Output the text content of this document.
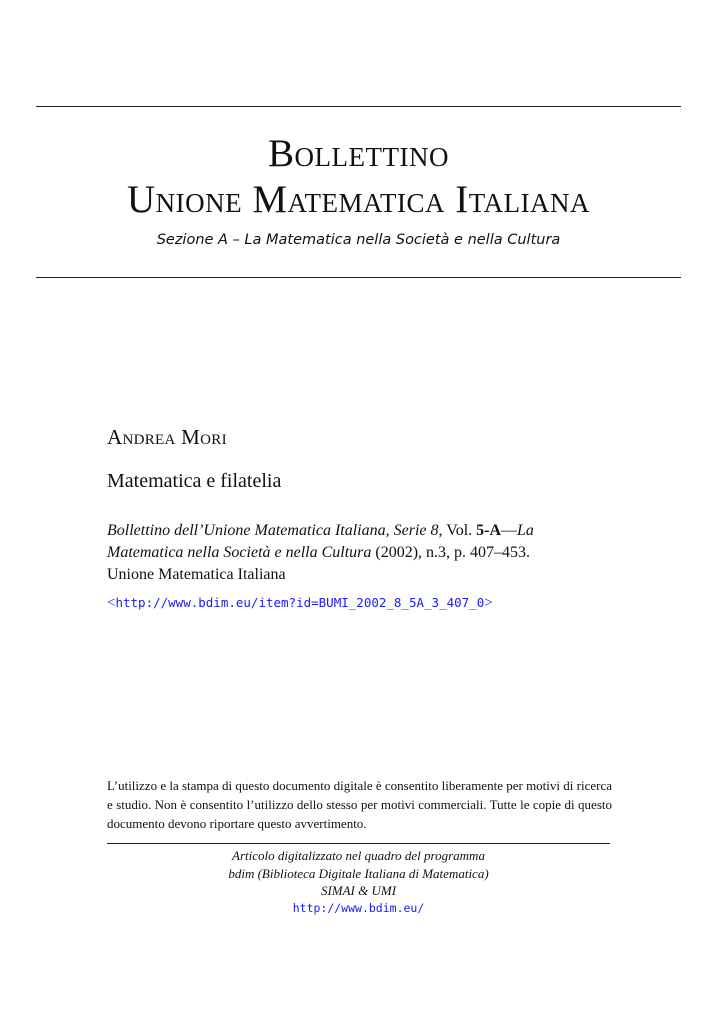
Bollettino
Unione Matematica Italiana
Sezione A – La Matematica nella Società e nella Cultura
Andrea Mori
Matematica e filatelia
Bollettino dell’Unione Matematica Italiana, Serie 8, Vol. 5-A—La Matematica nella Società e nella Cultura (2002), n.3, p. 407–453.
Unione Matematica Italiana
<http://www.bdim.eu/item?id=BUMI_2002_8_5A_3_407_0>
L’utilizzo e la stampa di questo documento digitale è consentito liberamente per motivi di ricerca e studio. Non è consentito l’utilizzo dello stesso per motivi commerciali. Tutte le copie di questo documento devono riportare questo avvertimento.
Articolo digitalizzato nel quadro del programma
bdim (Biblioteca Digitale Italiana di Matematica)
SIMAI & UMI
http://www.bdim.eu/
